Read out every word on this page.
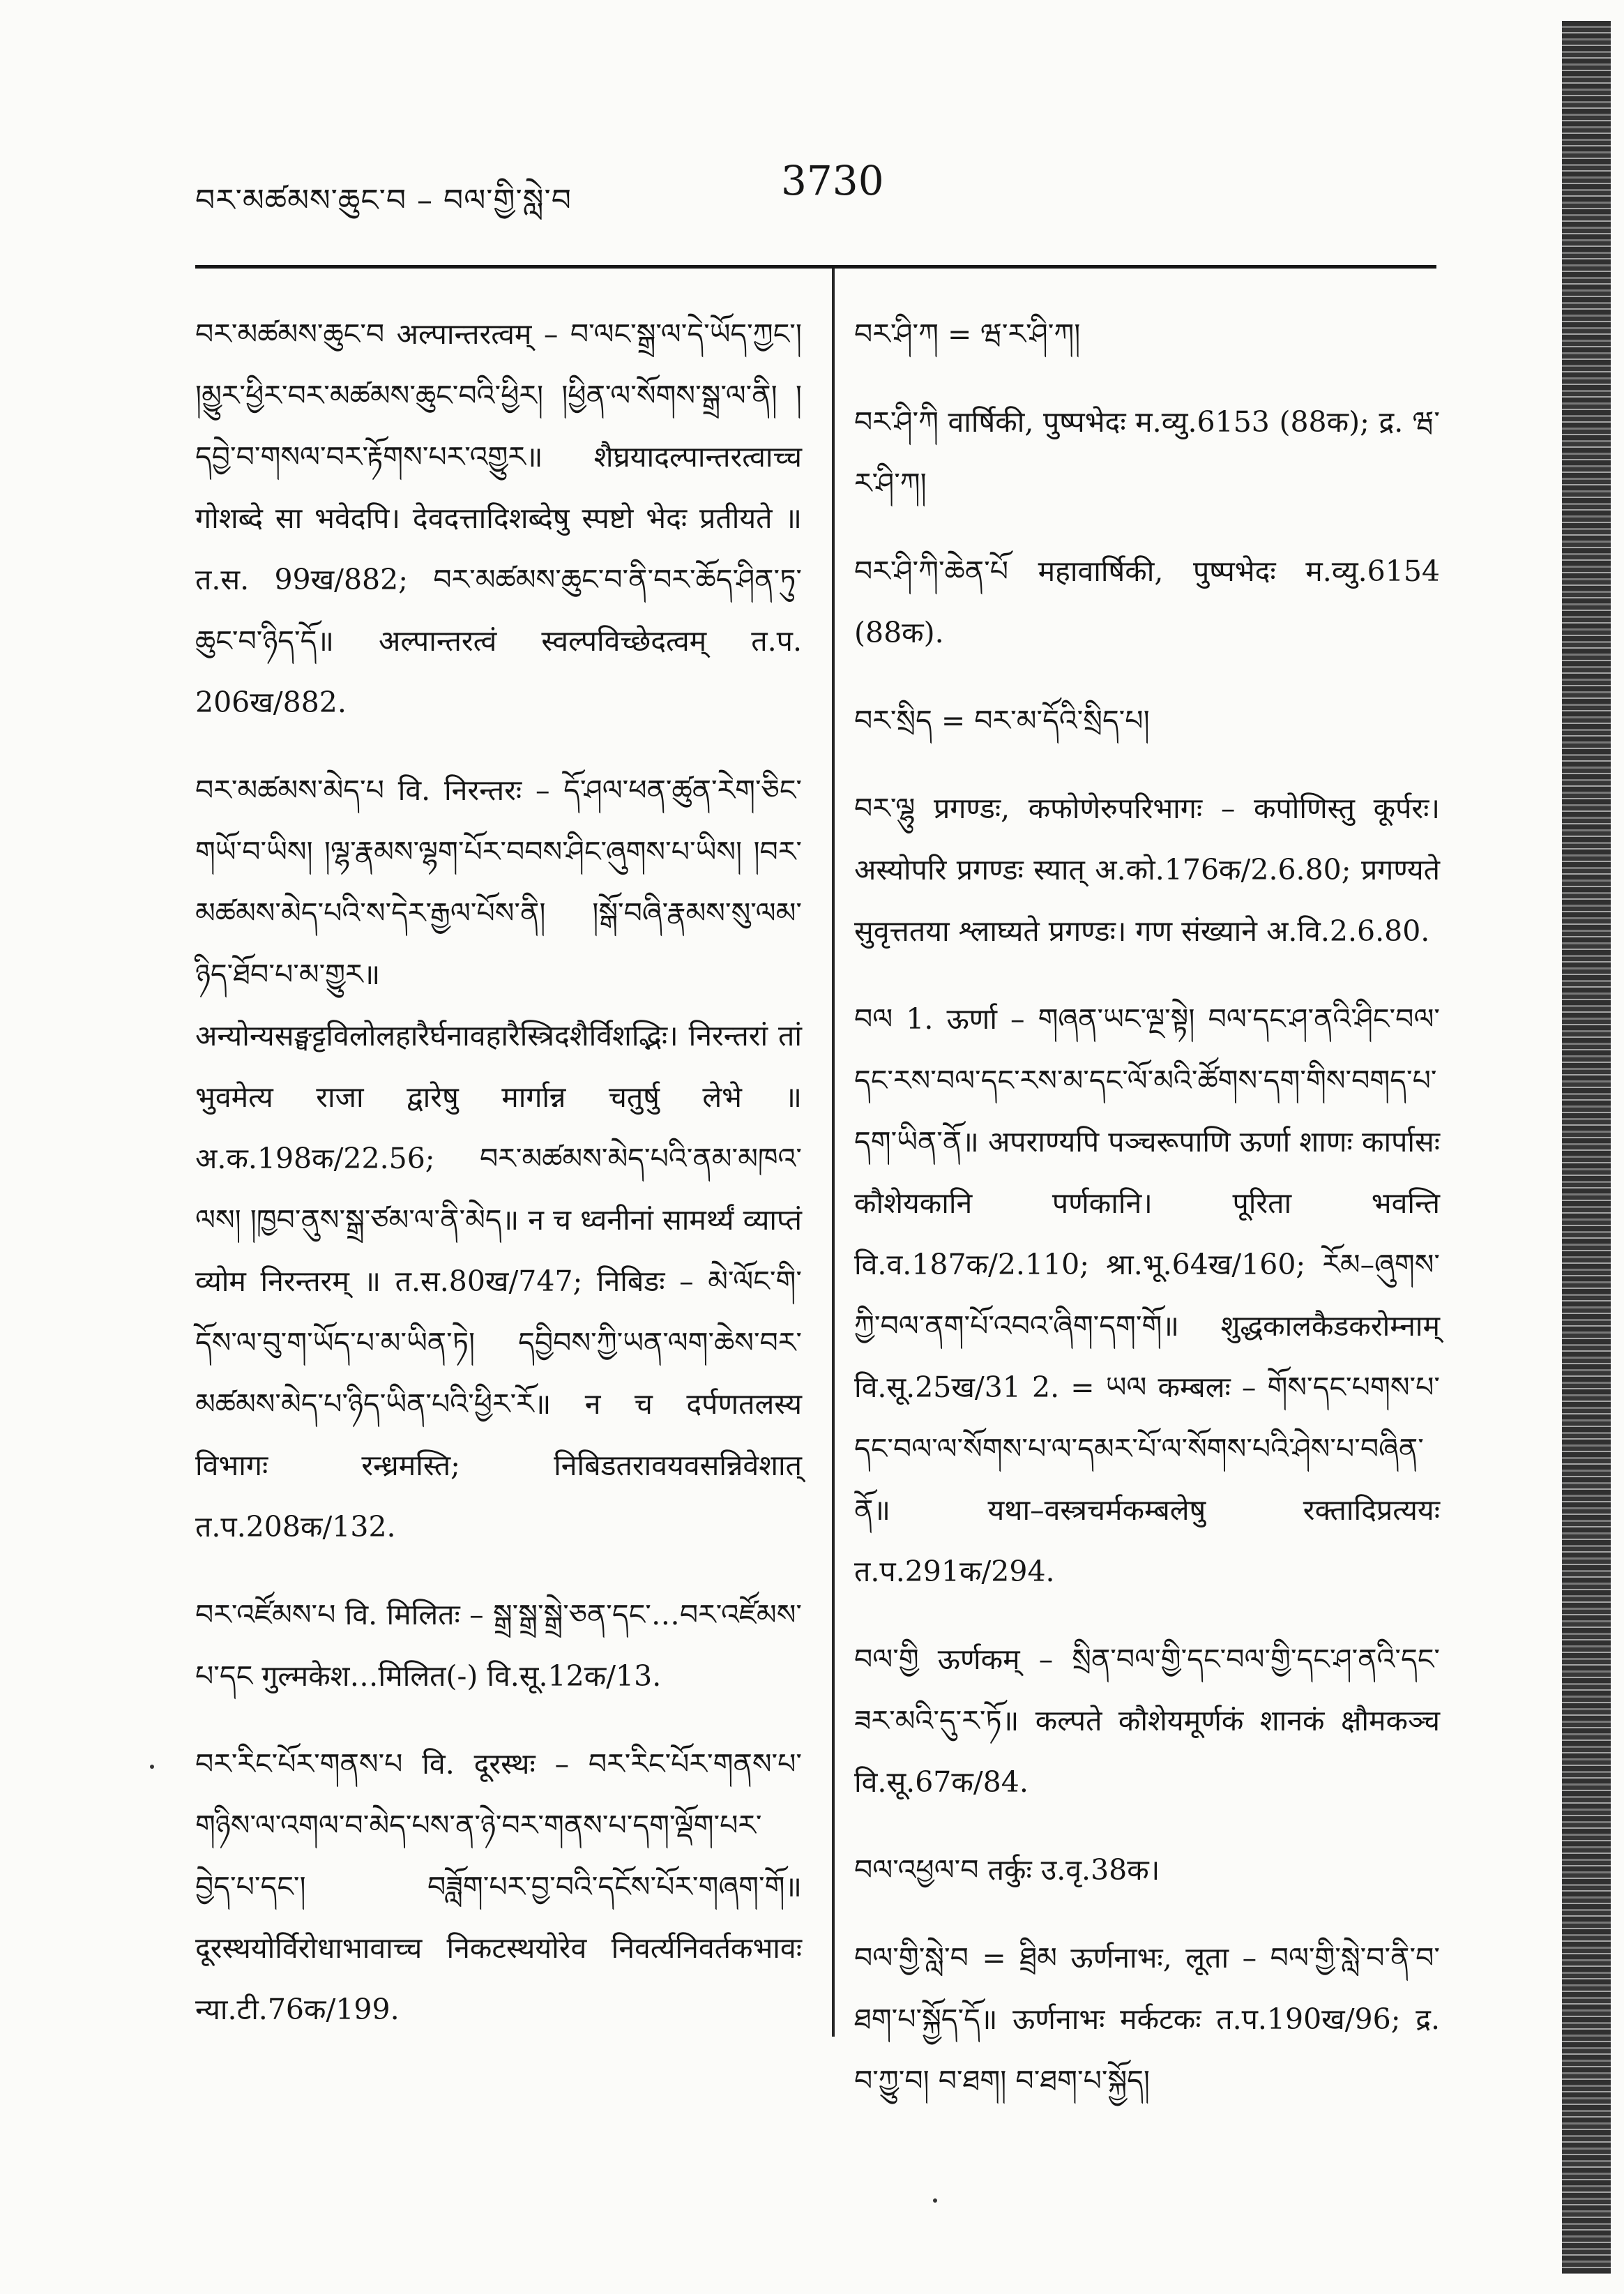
བར་མཚམས་ཆུང་བ – བལ་གྱི་སླེ་བ	3730
བར་མཚམས་ཆུང་བ अल्पान्तरत्वम् – བ་ལང་སྒྲ་ལ་དེ་ཡོད་ཀྱང་། །མྱུར་ཕྱིར་བར་མཚམས་ཆུང་བའི་ཕྱིར། །ཕྱིན་ལ་སོགས་སྒྲ་ལ་ནི། །དབྱེ་བ་གསལ་བར་རྟོགས་པར་འགྱུར॥ शैघ्रयादल्पान्तरत्वाच्च गोशब्दे सा भवेदपि। देवदत्तादिशब्देषु स्पष्टो भेदः प्रतीयते ॥ त.स. 99ख/882; བར་མཚམས་ཆུང་བ་ནི་བར་ཆོད་ཤིན་ཏུ་ཆུང་བ་ཉིད་དོ॥ अल्पान्तरत्वं स्वल्पविच्छेदत्वम् त.प. 206ख/882.
བར་མཚམས་མེད་པ वि. निरन्तरः – དོ་ཤལ་ཕན་ཚུན་རེག་ཅིང་གཡོ་བ་ཡིས། །ལྷ་རྣམས་ལྷག་པོར་བབས་ཤིང་ཞུགས་པ་ཡིས། །བར་མཚམས་མེད་པའི་ས་དེར་རྒྱལ་པོས་ནི། །སྒོ་བཞི་རྣམས་སུ་ལམ་ཉིད་ཐོབ་པ་མ་གྱུར॥ अन्योन्यसङ्घट्टविलोलहारैर्घनावहारैस्त्रिदशैर्विशद्भिः। निरन्तरां तां भुवमेत्य राजा द्वारेषु मार्गान्न चतुर्षु लेभे ॥ अ.क.198क/22.56; བར་མཚམས་མེད་པའི་ནམ་མཁའ་ལས། །ཁྱབ་ནུས་སྒྲ་ཙམ་ལ་ནི་མེད॥ न च ध्वनीनां सामर्थ्यं व्याप्तं व्योम निरन्तरम् ॥ त.स.80ख/747; निबिडः – མེ་ལོང་གི་དོས་ལ་བུ་ག་ཡོད་པ་མ་ཡིན་ཏེ། དབྱིབས་ཀྱི་ཡན་ལག་ཆེས་བར་མཚམས་མེད་པ་ཉིད་ཡིན་པའི་ཕྱིར་རོ॥ न च दर्पणतलस्य विभागः रन्ध्रमस्ति; निबिडतरावयवसन्निवेशात् त.प.208क/132.
བར་འཛོམས་པ वि. मिलितः – སྒྲ་སྒྲ་སྒྲེ་ཅན་དང་…བར་འཛོམས་པ་དང गुल्मकेश…मिलित(-) वि.सू.12क/13.
བར་རིང་པོར་གནས་པ वि. दूरस्थः – བར་རིང་པོར་གནས་པ་གཉིས་ལ་འགལ་བ་མེད་པས་ན་ཉེ་བར་གནས་པ་དག་ལྡོག་པར་བྱེད་པ་དང་། བཟློག་པར་བྱ་བའི་དངོས་པོར་གཞག་གོ॥ दूरस्थयोर्विरोधाभावाच्च निकटस्थयोरेव निवर्त्यनिवर्तकभावः न्या.टी.76क/199.
བར་ཤི་ཀ = ཝ་ར་ཤི་ཀ།
བར་ཤི་ཀི वार्षिकी, पुष्पभेदः म.व्यु.6153 (88क); द्र. ཝ་ར་ཤི་ཀ།
བར་ཤི་ཀི་ཆེན་པོ महावार्षिकी, पुष्पभेदः म.व्यु.6154 (88क).
བར་སྲིད = བར་མ་དོའི་སྲིད་པ།
བར་ལྷུ प्रगण्डः, कफोणेरुपरिभागः – कपोणिस्तु कूर्परः। अस्योपरि प्रगण्डः स्यात् अ.को.176क/2.6.80; प्रगण्यते सुवृत्ततया श्लाघ्यते प्रगण्डः। गण संख्याने अ.वि.2.6.80.
བལ 1. ऊर्णा – གཞན་ཡང་ལྔ་སྟེ། བལ་དང་ཤ་ནའི་ཤིང་བལ་དང་རས་བལ་དང་རས་མ་དང་ལོ་མའི་ཚོགས་དག་གིས་བགད་པ་དག་ཡིན་ནོ॥ अपराण्यपि पञ्चरूपाणि ऊर्णा शाणः कार्पासः कौशेयकानि पर्णकानि। पूरिता भवन्ति वि.व.187क/2.110; श्रा.भू.64ख/160; རོམ–ཞུགས་ཀྱི་བལ་ནག་པོ་འབའ་ཞིག་དག་གོ॥ शुद्धकालकैडकरोम्नाम् वि.सू.25ख/31 2. = ཡལ कम्बलः – གོས་དང་པགས་པ་དང་བལ་ལ་སོགས་པ་ལ་དམར་པོ་ལ་སོགས་པའི་ཤེས་པ་བཞིན་ནོ॥ यथा–वस्त्रचर्मकम्बलेषु रक्तादिप्रत्ययः त.प.291क/294.
བལ་གྱི ऊर्णकम् – སྲིན་བལ་གྱི་དང་བལ་གྱི་དང་ཤ་ནའི་དང་ཟར་མའི་དུ་ར་ཏོ॥ कल्पते कौशेयमूर्णकं शानकं क्षौमकञ्च वि.सू.67क/84.
བལ་འཕྱལ་བ तर्कुः उ.वृ.38क।
བལ་གྱི་སླེ་བ = ཐྲིམ ऊर्णनाभः, लूता – བལ་གྱི་སླེ་བ་ནི་བ་ཐག་པ་སྐྱོད་དོ॥ ऊर्णनाभः मर्कटकः त.प.190ख/96; द्र. བ་ཀྱུ་བ། བ་ཐག། བ་ཐག་པ་སྐྱོད།
